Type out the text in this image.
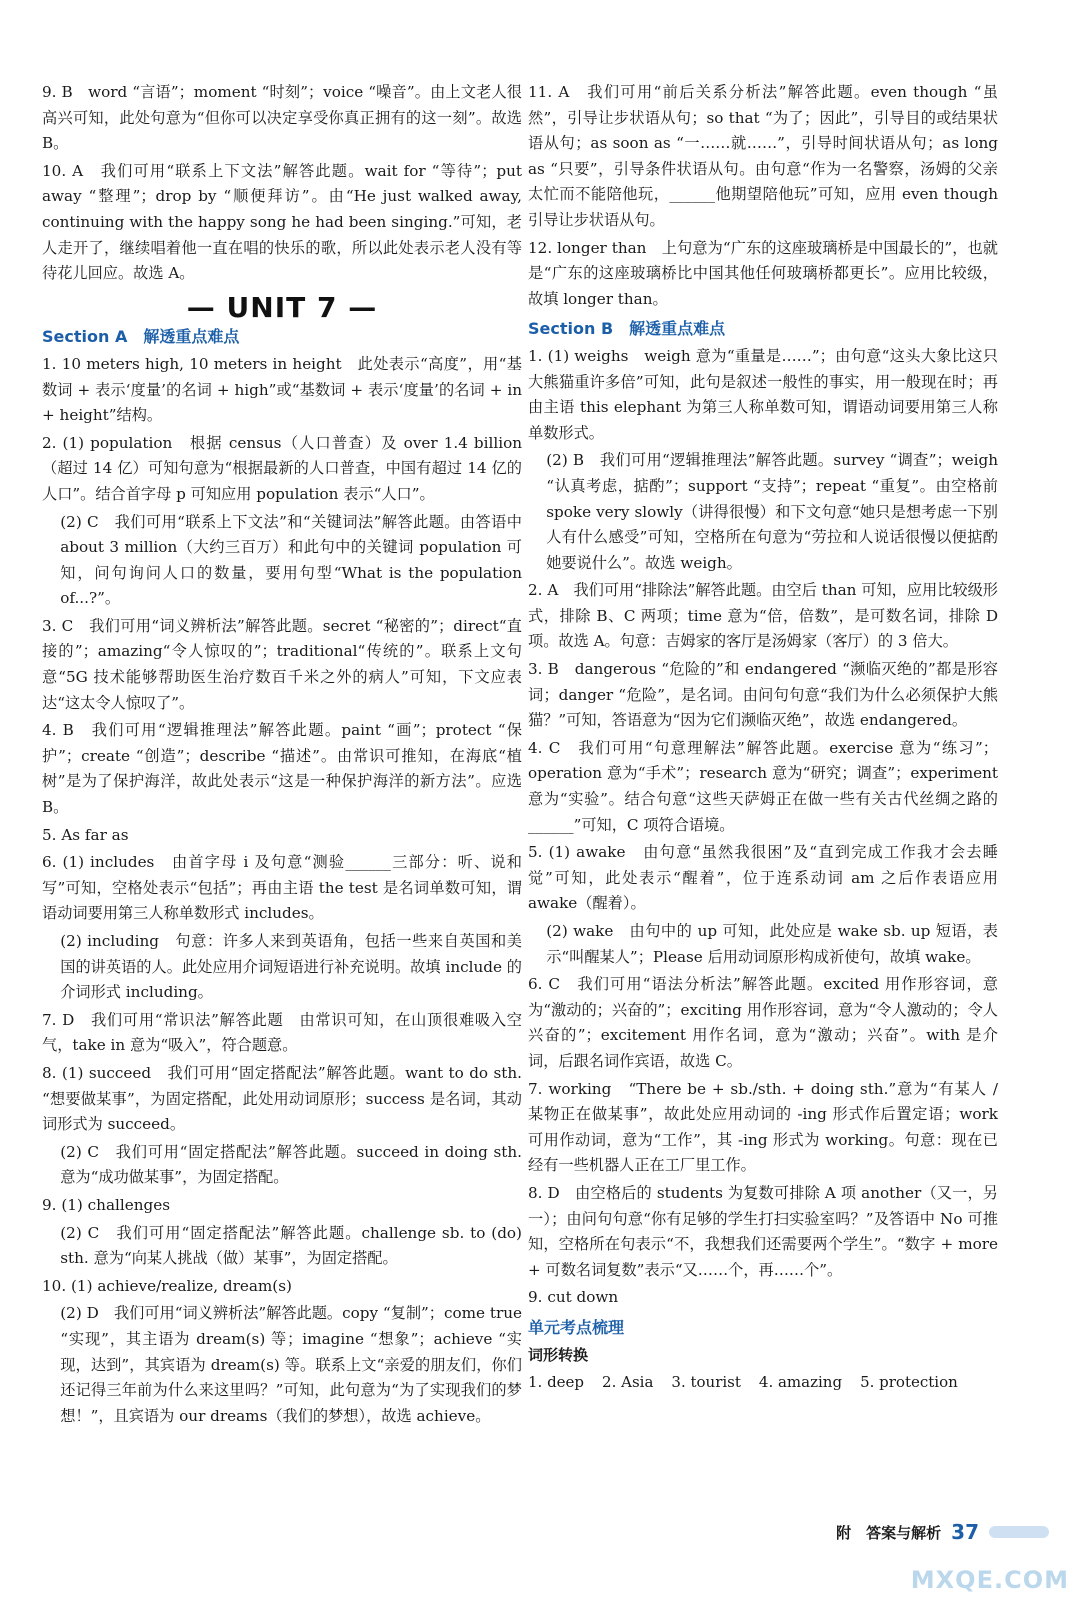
9. B　word “言语”；moment “时刻”；voice “噪音”。由上文老人很高兴可知，此处句意为“但你可以决定享受你真正拥有的这一刻”。故选 B。
10. A　我们可用“联系上下文法”解答此题。wait for “等待”；put away “整理”；drop by “顺便拜访”。由“He just walked away, continuing with the happy song he had been singing.”可知，老人走开了，继续唱着他一直在唱的快乐的歌，所以此处表示老人没有等待花儿回应。故选 A。
— UNIT 7 —
Section A　解透重点难点
1. 10 meters high, 10 meters in height　此处表示“高度”，用“基数词 + 表示‘度量’的名词 + high”或“基数词 + 表示‘度量’的名词 + in + height”结构。
2. (1) population　根据 census（人口普查）及 over 1.4 billion（超过 14 亿）可知句意为“根据最新的人口普查，中国有超过 14 亿的人口”。结合首字母 p 可知应用 population 表示“人口”。
(2) C　我们可用“联系上下文法”和“关键词法”解答此题。由答语中 about 3 million（大约三百万）和此句中的关键词 population 可知，问句询问人口的数量，要用句型“What is the population of...?”。
3. C　我们可用“词义辨析法”解答此题。secret “秘密的”；direct“直接的”；amazing“令人惊叹的”；traditional“传统的”。联系上文句意“5G 技术能够帮助医生治疗数百千米之外的病人”可知，下文应表达“这太令人惊叹了”。
4. B　我们可用“逻辑推理法”解答此题。paint “画”；protect “保护”；create “创造”；describe “描述”。由常识可推知，在海底“植树”是为了保护海洋，故此处表示“这是一种保护海洋的新方法”。应选 B。
5. As far as
6. (1) includes　由首字母 i 及句意“测验______三部分：听、说和写”可知，空格处表示“包括”；再由主语 the test 是名词单数可知，谓语动词要用第三人称单数形式 includes。
(2) including　句意：许多人来到英语角，包括一些来自英国和美国的讲英语的人。此处应用介词短语进行补充说明。故填 include 的介词形式 including。
7. D　我们可用“常识法”解答此题　由常识可知，在山顶很难吸入空气，take in 意为“吸入”，符合题意。
8. (1) succeed　我们可用“固定搭配法”解答此题。want to do sth. “想要做某事”，为固定搭配，此处用动词原形；success 是名词，其动词形式为 succeed。
(2) C　我们可用“固定搭配法”解答此题。succeed in doing sth. 意为“成功做某事”，为固定搭配。
9. (1) challenges
(2) C　我们可用“固定搭配法”解答此题。challenge sb. to (do) sth. 意为“向某人挑战（做）某事”，为固定搭配。
10. (1) achieve/realize, dream(s)
(2) D　我们可用“词义辨析法”解答此题。copy “复制”；come true “实现”，其主语为 dream(s) 等；imagine “想象”；achieve “实现，达到”，其宾语为 dream(s) 等。联系上文“亲爱的朋友们，你们还记得三年前为什么来这里吗？”可知，此句意为“为了实现我们的梦想！”，且宾语为 our dreams（我们的梦想），故选 achieve。
11. A　我们可用“前后关系分析法”解答此题。even though “虽然”，引导让步状语从句；so that “为了；因此”，引导目的或结果状语从句；as soon as “一……就……”，引导时间状语从句；as long as “只要”，引导条件状语从句。由句意“作为一名警察，汤姆的父亲太忙而不能陪他玩，______他期望陪他玩”可知，应用 even though 引导让步状语从句。
12. longer than　上句意为“广东的这座玻璃桥是中国最长的”，也就是“广东的这座玻璃桥比中国其他任何玻璃桥都更长”。应用比较级，故填 longer than。
Section B　解透重点难点
1. (1) weighs　weigh 意为“重量是……”；由句意“这头大象比这只大熊猫重许多倍”可知，此句是叙述一般性的事实，用一般现在时；再由主语 this elephant 为第三人称单数可知，谓语动词要用第三人称单数形式。
(2) B　我们可用“逻辑推理法”解答此题。survey “调查”；weigh “认真考虑，掂酌”；support “支持”；repeat “重复”。由空格前 spoke very slowly（讲得很慢）和下文句意“她只是想考虑一下别人有什么感受”可知，空格所在句意为“劳拉和人说话很慢以便掂酌她要说什么”。故选 weigh。
2. A　我们可用“排除法”解答此题。由空后 than 可知，应用比较级形式，排除 B、C 两项；time 意为“倍，倍数”，是可数名词，排除 D 项。故选 A。句意：吉姆家的客厅是汤姆家（客厅）的 3 倍大。
3. B　dangerous “危险的”和 endangered “濒临灭绝的”都是形容词；danger “危险”，是名词。由问句句意“我们为什么必须保护大熊猫？”可知，答语意为“因为它们濒临灭绝”，故选 endangered。
4. C　我们可用“句意理解法”解答此题。exercise 意为“练习”；operation 意为“手术”；research 意为“研究；调查”；experiment 意为“实验”。结合句意“这些天萨姆正在做一些有关古代丝绸之路的______”可知，C 项符合语境。
5. (1) awake　由句意“虽然我很困”及“直到完成工作我才会去睡觉”可知，此处表示“醒着”，位于连系动词 am 之后作表语应用 awake（醒着）。
(2) wake　由句中的 up 可知，此处应是 wake sb. up 短语，表示“叫醒某人”；Please 后用动词原形构成祈使句，故填 wake。
6. C　我们可用“语法分析法”解答此题。excited 用作形容词，意为“激动的；兴奋的”；exciting 用作形容词，意为“令人激动的；令人兴奋的”；excitement 用作名词，意为“激动；兴奋”。with 是介词，后跟名词作宾语，故选 C。
7. working　“There be + sb./sth. + doing sth.”意为“有某人 / 某物正在做某事”，故此处应用动词的 -ing 形式作后置定语；work 可用作动词，意为“工作”，其 -ing 形式为 working。句意：现在已经有一些机器人正在工厂里工作。
8. D　由空格后的 students 为复数可排除 A 项 another（又一，另一）；由问句句意“你有足够的学生打扫实验室吗？”及答语中 No 可推知，空格所在句表示“不，我想我们还需要两个学生”。“数字 + more + 可数名词复数”表示“又……个，再……个”。
9. cut down
单元考点梳理
词形转换
1. deep 2. Asia 3. tourist 4. amazing 5. protection
附　答案与解析 37
MXQE.COM
